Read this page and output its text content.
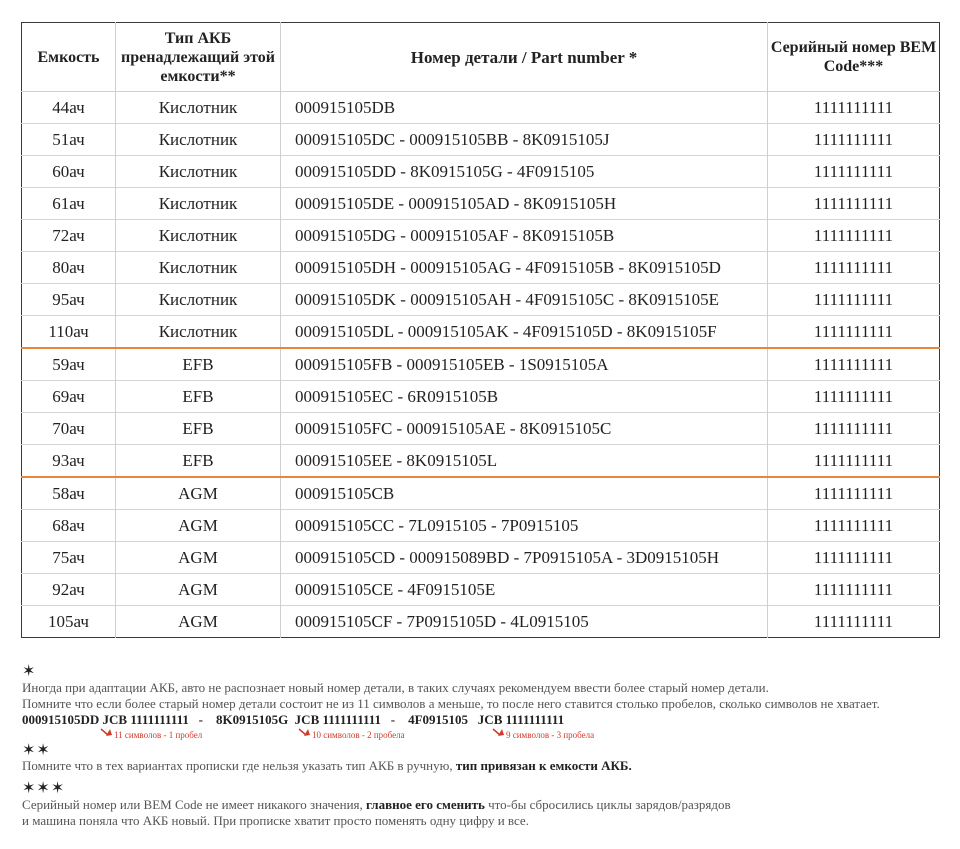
Емкость	Тип АКБ пренадлежащий этой емкости**	Номер детали / Part number *	Серийный номер BEM Code***
44ач	Кислотник	000915105DB	1111111111
51ач	Кислотник	000915105DC - 000915105BB - 8K0915105J	1111111111
60ач	Кислотник	000915105DD - 8K0915105G - 4F0915105	1111111111
61ач	Кислотник	000915105DE - 000915105AD - 8K0915105H	1111111111
72ач	Кислотник	000915105DG - 000915105AF - 8K0915105B	1111111111
80ач	Кислотник	000915105DH - 000915105AG - 4F0915105B - 8K0915105D	1111111111
95ач	Кислотник	000915105DK - 000915105AH - 4F0915105C - 8K0915105E	1111111111
110ач	Кислотник	000915105DL - 000915105AK - 4F0915105D - 8K0915105F	1111111111
59ач	EFB	000915105FB - 000915105EB - 1S0915105A	1111111111
69ач	EFB	000915105EC - 6R0915105B	1111111111
70ач	EFB	000915105FC - 000915105AE - 8K0915105C	1111111111
93ач	EFB	000915105EE - 8K0915105L	1111111111
58ач	AGM	000915105CB	1111111111
68ач	AGM	000915105CC - 7L0915105 - 7P0915105	1111111111
75ач	AGM	000915105CD - 000915089BD - 7P0915105A - 3D0915105H	1111111111
92ач	AGM	000915105CE - 4F0915105E	1111111111
105ач	AGM	000915105CF - 7P0915105D - 4L0915105	1111111111
✶
Иногда при адаптации АКБ, авто не распознает новый номер детали, в таких случаях рекомендуем ввести более старый номер детали.
Помните что если более старый номер детали состоит не из 11 символов а меньше, то после него ставится столько пробелов, сколько символов не хватает.
000915105DD JCB 1111111111   -    8K0915105G  JCB 1111111111   -    4F0915105   JCB 1111111111
11 символов - 1 пробел	10 символов - 2 пробела	9 символов - 3 пробела
✶✶
Помните что в тех вариантах прописки где нельзя указать тип АКБ в ручную, тип привязан к емкости АКБ.
✶✶✶
Серийный номер или BEM Code не имеет никакого значения, главное его сменить что-бы сбросились циклы зарядов/разрядов
и машина поняла что АКБ новый. При прописке хватит просто поменять одну цифру и все.
